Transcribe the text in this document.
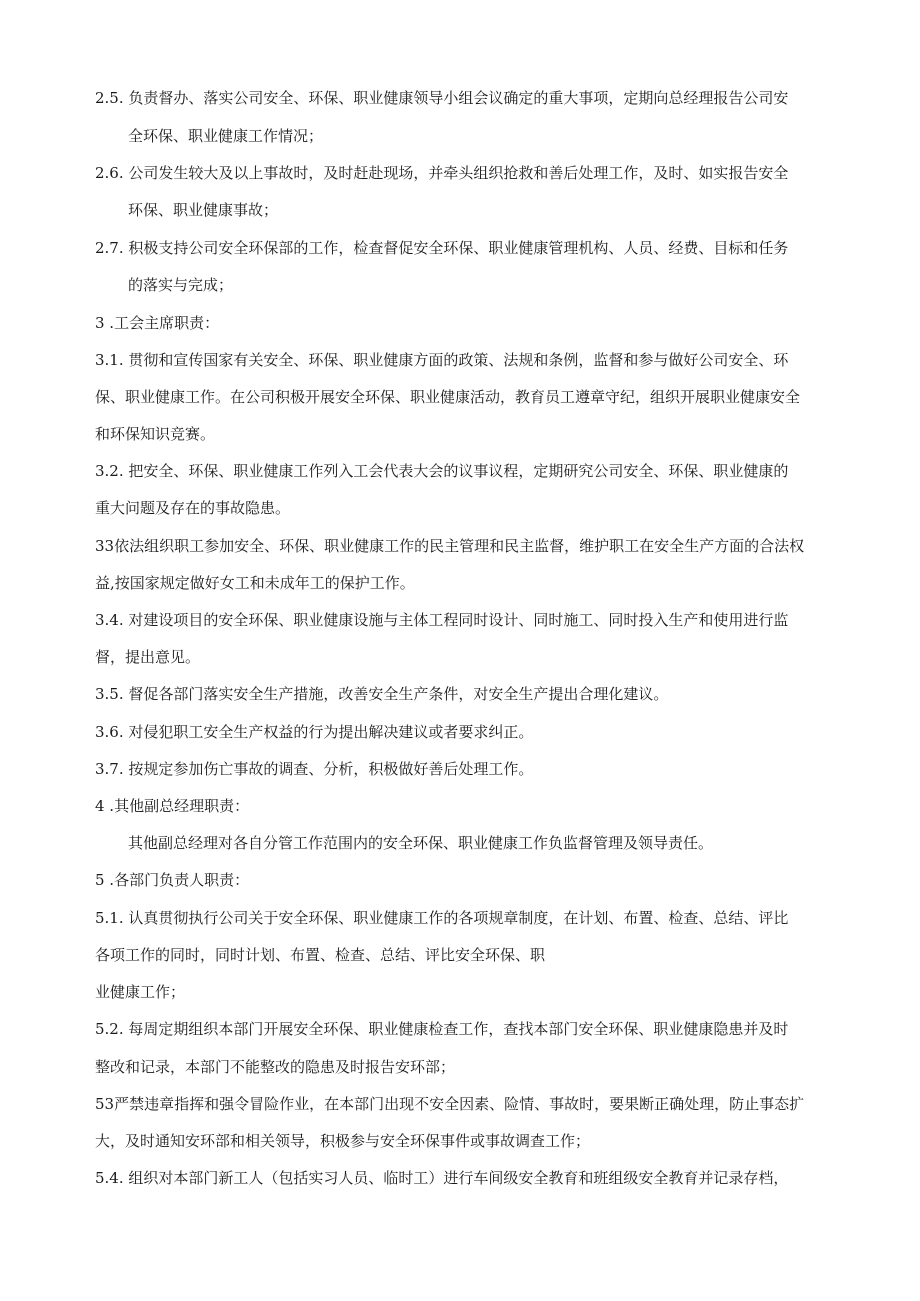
2.5. 负责督办、落实公司安全、环保、职业健康领导小组会议确定的重大事项，定期向总经理报告公司安
全环保、职业健康工作情况；
2.6. 公司发生较大及以上事故时，及时赶赴现场，并牵头组织抢救和善后处理工作，及时、如实报告安全
环保、职业健康事故；
2.7. 积极支持公司安全环保部的工作，检查督促安全环保、职业健康管理机构、人员、经费、目标和任务
的落实与完成；
3 .工会主席职责：
3.1. 贯彻和宣传国家有关安全、环保、职业健康方面的政策、法规和条例，监督和参与做好公司安全、环
保、职业健康工作。在公司积极开展安全环保、职业健康活动，教育员工遵章守纪，组织开展职业健康安全
和环保知识竞赛。
3.2. 把安全、环保、职业健康工作列入工会代表大会的议事议程，定期研究公司安全、环保、职业健康的
重大问题及存在的事故隐患。
33依法组织职工参加安全、环保、职业健康工作的民主管理和民主监督，维护职工在安全生产方面的合法权
益,按国家规定做好女工和未成年工的保护工作。
3.4. 对建设项目的安全环保、职业健康设施与主体工程同时设计、同时施工、同时投入生产和使用进行监
督，提出意见。
3.5. 督促各部门落实安全生产措施，改善安全生产条件，对安全生产提出合理化建议。
3.6. 对侵犯职工安全生产权益的行为提出解决建议或者要求纠正。
3.7. 按规定参加伤亡事故的调查、分析，积极做好善后处理工作。
4 .其他副总经理职责：
其他副总经理对各自分管工作范围内的安全环保、职业健康工作负监督管理及领导责任。
5 .各部门负责人职责：
5.1. 认真贯彻执行公司关于安全环保、职业健康工作的各项规章制度，在计划、布置、检查、总结、评比
各项工作的同时，同时计划、布置、检查、总结、评比安全环保、职
业健康工作；
5.2. 每周定期组织本部门开展安全环保、职业健康检查工作，查找本部门安全环保、职业健康隐患并及时
整改和记录，本部门不能整改的隐患及时报告安环部；
53严禁违章指挥和强令冒险作业，在本部门出现不安全因素、险情、事故时，要果断正确处理，防止事态扩
大，及时通知安环部和相关领导，积极参与安全环保事件或事故调查工作；
5.4. 组织对本部门新工人（包括实习人员、临时工）进行车间级安全教育和班组级安全教育并记录存档，
